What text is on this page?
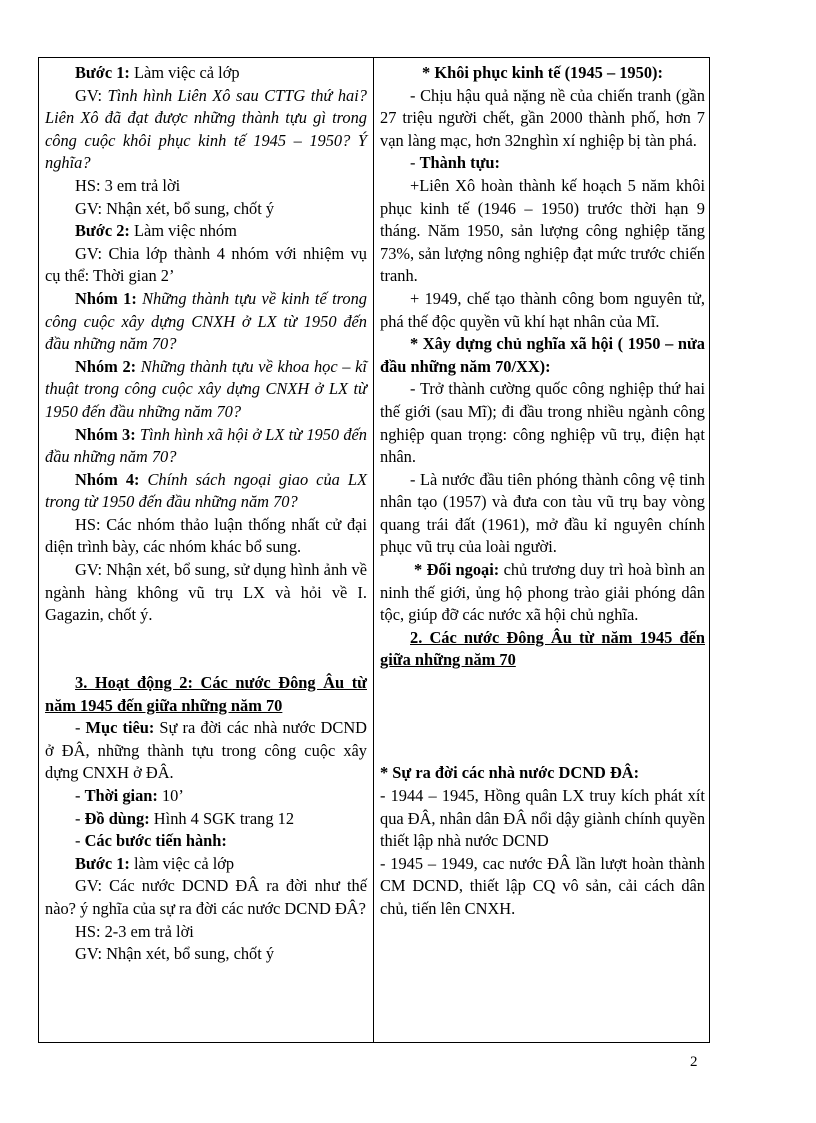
Bước 1: Làm việc cả lớp

GV: Tình hình Liên Xô sau CTTG thứ hai? Liên Xô đã đạt được những thành tựu gì trong công cuộc khôi phục kinh tế 1945 – 1950? Ý nghĩa?

HS: 3 em trả lời

GV: Nhận xét, bổ sung, chốt ý

Bước 2: Làm việc nhóm

GV: Chia lớp thành 4 nhóm với nhiệm vụ cụ thể: Thời gian 2’

Nhóm 1: Những thành tựu về kinh tế trong công cuộc xây dựng CNXH ở LX từ 1950 đến đầu những năm 70?

Nhóm 2: Những thành tựu về khoa học – kĩ thuật trong công cuộc xây dựng CNXH ở LX từ 1950 đến đầu những năm 70?

Nhóm 3: Tình hình xã hội ở LX từ 1950 đến đầu những năm 70?

Nhóm 4: Chính sách ngoại giao của LX trong từ 1950 đến đầu những năm 70?

HS: Các nhóm thảo luận thống nhất cử đại diện trình bày, các nhóm khác bổ sung.

GV: Nhận xét, bổ sung, sử dụng hình ảnh về ngành hàng không vũ trụ LX và hỏi về I. Gagazin, chốt ý.

3. Hoạt động 2: Các nước Đông Âu từ năm 1945 đến giữa những năm 70

- Mục tiêu: Sự ra đời các nhà nước DCND ở ĐÂ, những thành tựu trong công cuộc xây dựng CNXH ở ĐÂ.

- Thời gian: 10’

- Đồ dùng: Hình 4 SGK trang 12

- Các bước tiến hành:

Bước 1: làm việc cả lớp

GV: Các nước DCND ĐÂ ra đời như thế nào? ý nghĩa của sự ra đời các nước DCND ĐÂ?

HS: 2-3 em trả lời

GV: Nhận xét, bổ sung, chốt ý

* Khôi phục kinh tế (1945 – 1950):

- Chịu hậu quả nặng nề của chiến tranh (gần 27 triệu người chết, gần 2000 thành phố, hơn 7 vạn làng mạc, hơn 32nghìn xí nghiệp bị tàn phá.

- Thành tựu:

+Liên Xô hoàn thành kế hoạch 5 năm khôi phục kinh tế (1946 – 1950) trước thời hạn 9 tháng. Năm 1950, sản lượng công nghiệp tăng 73%, sản lượng nông nghiệp đạt mức trước chiến tranh.

+ 1949, chế tạo thành công bom nguyên tử, phá thế độc quyền vũ khí hạt nhân của Mĩ.

* Xây dựng chủ nghĩa xã hội ( 1950 – nửa đầu những năm 70/XX):

- Trở thành cường quốc công nghiệp thứ hai thế giới (sau Mĩ); đi đầu trong nhiều ngành công nghiệp quan trọng: công nghiệp vũ trụ, điện hạt nhân.

- Là nước đầu tiên phóng thành công vệ tinh nhân tạo (1957) và đưa con tàu vũ trụ bay vòng quang trái đất (1961), mở đầu kỉ nguyên chính phục vũ trụ của loài người.

* Đối ngoại: chủ trương duy trì hoà bình an ninh thế giới, ủng hộ phong trào giải phóng dân tộc, giúp đỡ các nước xã hội chủ nghĩa.

2. Các nước Đông Âu từ năm 1945 đến giữa những năm 70

* Sự ra đời các nhà nước DCND ĐÂ:

- 1944 – 1945, Hồng quân LX truy kích phát xít qua ĐÂ, nhân dân ĐÂ nổi dậy giành chính quyền thiết lập nhà nước DCND

- 1945 – 1949, cac nước ĐÂ lần lượt hoàn thành CM DCND, thiết lập CQ vô sản, cải cách dân chủ, tiến lên CNXH.

2
